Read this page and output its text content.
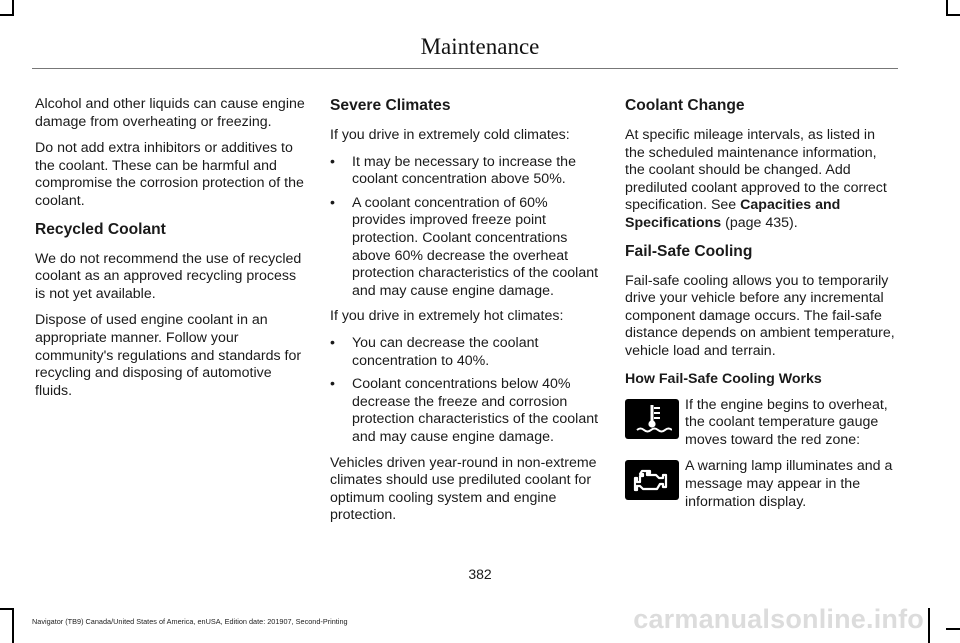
Maintenance

Alcohol and other liquids can cause engine damage from overheating or freezing.

Do not add extra inhibitors or additives to the coolant. These can be harmful and compromise the corrosion protection of the coolant.

Recycled Coolant

We do not recommend the use of recycled coolant as an approved recycling process is not yet available.

Dispose of used engine coolant in an appropriate manner. Follow your community's regulations and standards for recycling and disposing of automotive fluids.

Severe Climates

If you drive in extremely cold climates:

• It may be necessary to increase the coolant concentration above 50%.
• A coolant concentration of 60% provides improved freeze point protection. Coolant concentrations above 60% decrease the overheat protection characteristics of the coolant and may cause engine damage.

If you drive in extremely hot climates:

• You can decrease the coolant concentration to 40%.
• Coolant concentrations below 40% decrease the freeze and corrosion protection characteristics of the coolant and may cause engine damage.

Vehicles driven year-round in non-extreme climates should use prediluted coolant for optimum cooling system and engine protection.

Coolant Change

At specific mileage intervals, as listed in the scheduled maintenance information, the coolant should be changed. Add prediluted coolant approved to the correct specification. See Capacities and Specifications (page 435).

Fail-Safe Cooling

Fail-safe cooling allows you to temporarily drive your vehicle before any incremental component damage occurs. The fail-safe distance depends on ambient temperature, vehicle load and terrain.

How Fail-Safe Cooling Works
If the engine begins to overheat, the coolant temperature gauge moves toward the red zone:
A warning lamp illuminates and a message may appear in the information display.
382
Navigator (TB9) Canada/United States of America, enUSA, Edition date: 201907, Second-Printing	carmanualsonline.info
